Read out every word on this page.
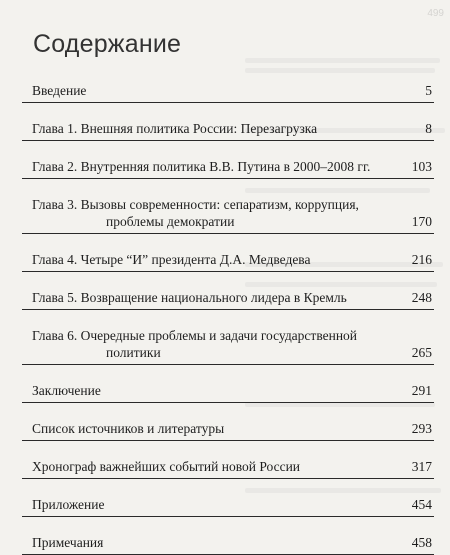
499
Содержание
Введение	5
Глава 1. Внешняя политика России: Перезагрузка	8
Глава 2. Внутренняя политика В.В. Путина в 2000–2008 гг.	103
Глава 3. Вызовы современности: сепаратизм, коррупция,
проблемы демократии	170
Глава 4. Четыре “И” президента Д.А. Медведева	216
Глава 5. Возвращение национального лидера в Кремль	248
Глава 6. Очередные проблемы и задачи государственной
политики	265
Заключение	291
Список источников и литературы	293
Хронограф важнейших событий новой России	317
Приложение	454
Примечания	458
